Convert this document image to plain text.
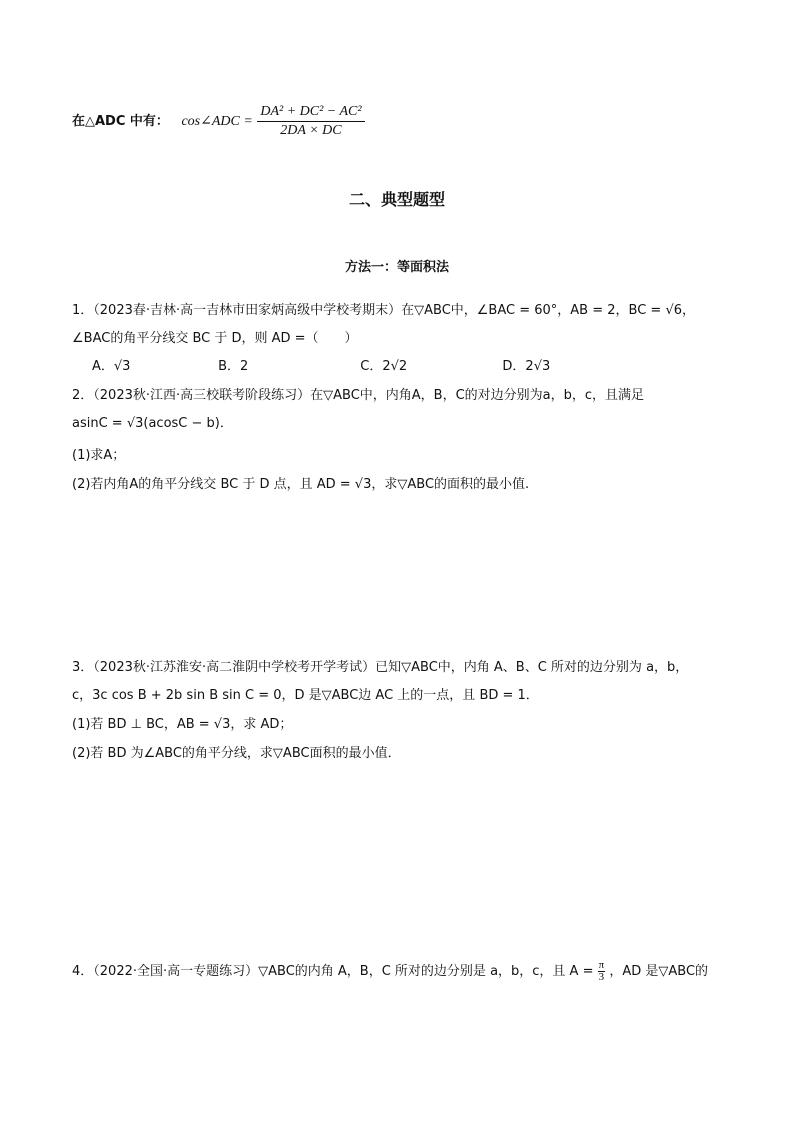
在△ADC 中有： cos∠ADC = $\frac{\text{DA² + DC² − AC²}}{2DA \times DC}$
二、典型题型
方法一：等面积法
1．（2023春·吉林·高一吉林市田家炳高级中学校考期末）在▽ABC中，∠BAC = 60°，AB = 2，BC = √6，
∠BAC的角平分线交 BC 于 D，则 AD =（　　）
A．√3	B．2	C．2√2	D．2√3
2．（2023秋·江西·高三校联考阶段练习）在▽ABC中，内角A，B，C的对边分别为a，b，c，且满足
asinC = √3(acosC − b)．
(1)求A；
(2)若内角A的角平分线交 BC 于 D 点，且 AD = √3，求▽ABC的面积的最小值.
3．（2023秋·江苏淮安·高二淮阴中学校考开学考试）已知▽ABC中，内角 A、B、C 所对的边分别为 a，b，
c，3c cos B + 2b sin B sin C = 0，D 是▽ABC边 AC 上的一点，且 BD = 1．
(1)若 BD ⊥ BC，AB = √3，求 AD；
(2)若 BD 为∠ABC的角平分线，求▽ABC面积的最小值．
4．（2022·全国·高一专题练习）▽ABC的内角 A，B，C 所对的边分别是 a，b，c，且 $A = \frac{\pi}{3}$ ，AD 是▽ABC的
